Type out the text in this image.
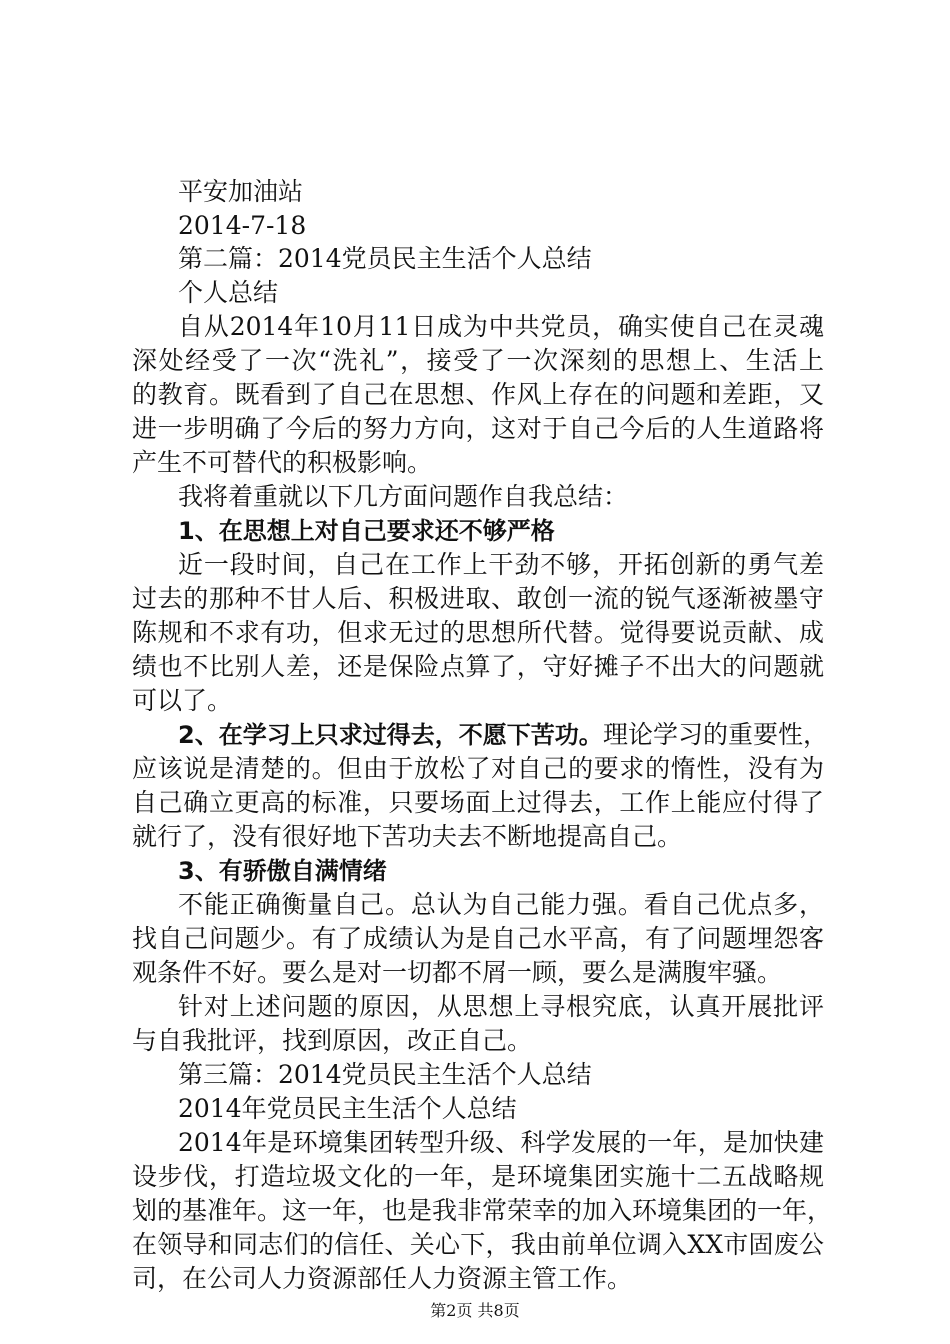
平安加油站
2014-7-18
第二篇：2014党员民主生活个人总结
个人总结
自从2014年10月11日成为中共党员，确实使自己在灵魂
深处经受了一次“洗礼”，接受了一次深刻的思想上、生活上
的教育。既看到了自己在思想、作风上存在的问题和差距，又
进一步明确了今后的努力方向，这对于自己今后的人生道路将
产生不可替代的积极影响。
我将着重就以下几方面问题作自我总结：
1、在思想上对自己要求还不够严格
近一段时间，自己在工作上干劲不够，开拓创新的勇气差
过去的那种不甘人后、积极进取、敢创一流的锐气逐渐被墨守
陈规和不求有功，但求无过的思想所代替。觉得要说贡献、成
绩也不比别人差，还是保险点算了，守好摊子不出大的问题就
可以了。
2、在学习上只求过得去，不愿下苦功。 理论学习的重要性，
应该说是清楚的。但由于放松了对自己的要求的惰性，没有为
自己确立更高的标准，只要场面上过得去，工作上能应付得了
就行了，没有很好地下苦功夫去不断地提高自己。
3、有骄傲自满情绪
不能正确衡量自己。总认为自己能力强。看自己优点多，
找自己问题少。有了成绩认为是自己水平高，有了问题埋怨客
观条件不好。要么是对一切都不屑一顾，要么是满腹牢骚。
针对上述问题的原因，从思想上寻根究底，认真开展批评
与自我批评，找到原因，改正自己。
第三篇：2014党员民主生活个人总结
2014年党员民主生活个人总结
2014年是环境集团转型升级、科学发展的一年，是加快建
设步伐，打造垃圾文化的一年，是环境集团实施十二五战略规
划的基准年。这一年，也是我非常荣幸的加入环境集团的一年，
在领导和同志们的信任、关心下，我由前单位调入XX市固废公
司，在公司人力资源部任人力资源主管工作。
第2页 共8页
